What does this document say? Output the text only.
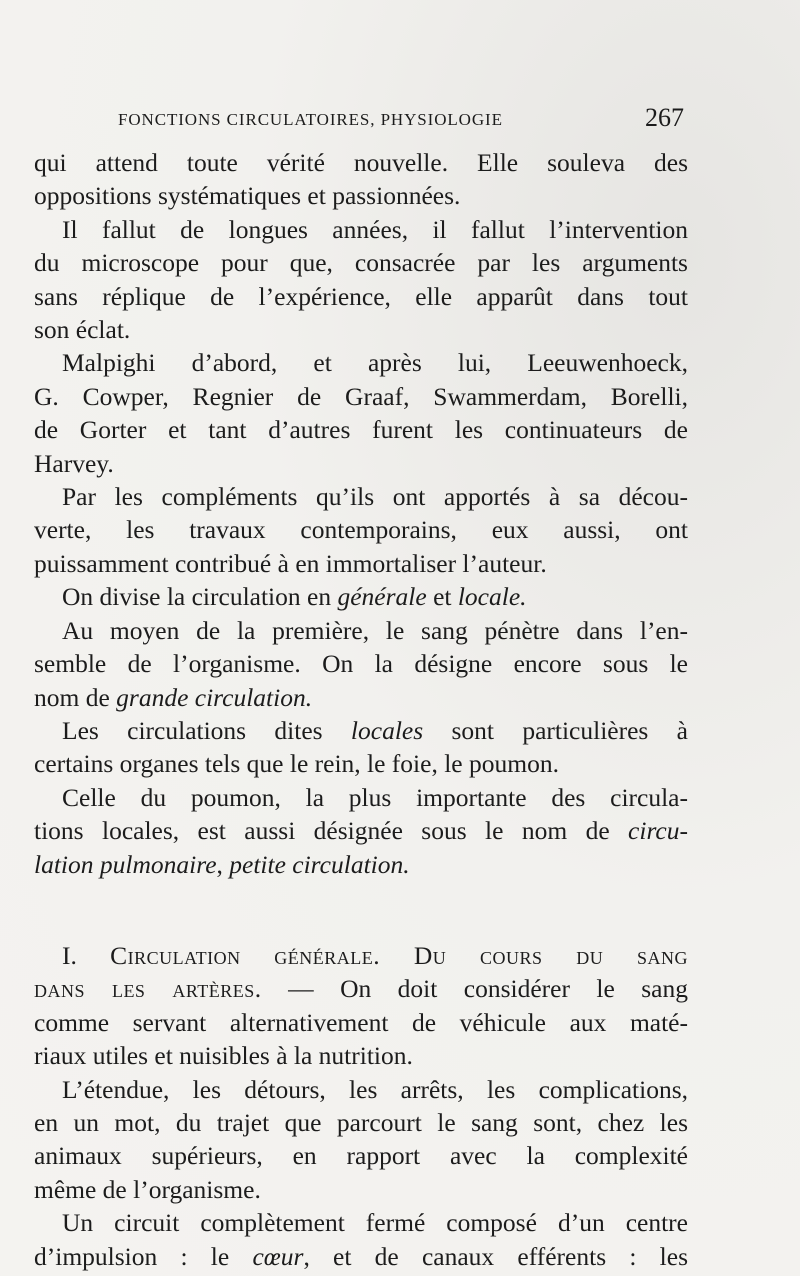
FONCTIONS CIRCULATOIRES, PHYSIOLOGIE	267

qui attend toute vérité nouvelle. Elle souleva des
oppositions systématiques et passionnées.

Il fallut de longues années, il fallut l’intervention
du microscope pour que, consacrée par les arguments
sans réplique de l’expérience, elle apparût dans tout
son éclat.

Malpighi d’abord, et après lui, Leeuwenhoeck,
G. Cowper, Regnier de Graaf, Swammerdam, Borelli,
de Gorter et tant d’autres furent les continuateurs de
Harvey.

Par les compléments qu’ils ont apportés à sa décou-
verte, les travaux contemporains, eux aussi, ont
puissamment contribué à en immortaliser l’auteur.

On divise la circulation en générale et locale.

Au moyen de la première, le sang pénètre dans l’en-
semble de l’organisme. On la désigne encore sous le
nom de grande circulation.

Les circulations dites locales sont particulières à
certains organes tels que le rein, le foie, le poumon.

Celle du poumon, la plus importante des circula-
tions locales, est aussi désignée sous le nom de circu-
lation pulmonaire, petite circulation.

I. Circulation générale. Du cours du sang
dans les artères. — On doit considérer le sang
comme servant alternativement de véhicule aux maté-
riaux utiles et nuisibles à la nutrition.

L’étendue, les détours, les arrêts, les complications,
en un mot, du trajet que parcourt le sang sont, chez les
animaux supérieurs, en rapport avec la complexité
même de l’organisme.

Un circuit complètement fermé composé d’un centre
d’impulsion : le cœur, et de canaux efférents : les
